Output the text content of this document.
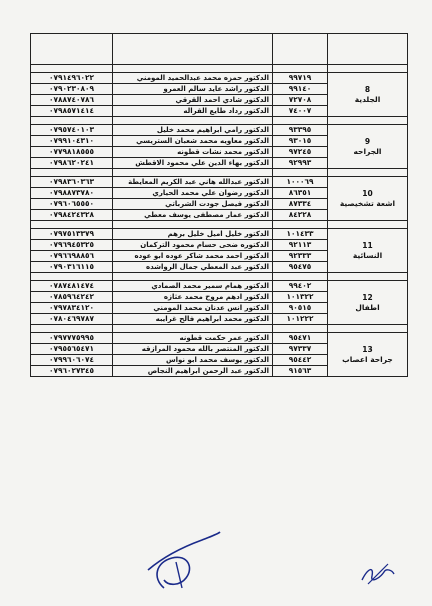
8
الجلدية	٩٩٧١٩	الدكتور حمزه محمد عبدالحميد المومني	٠٧٩١٤٩٦٠٢٢
	٩٩١٤٠	الدكتور راشد عايد سالم العمرو	٠٧٩٠٢٣٠٨٠٩
	٧٢٧٠٨	الدكتور شادي احمد القرقي	٠٧٨٨٧٤٠٧٨٦
	٧٤٠٠٧	الدكتور رداد طايع القراله	٠٧٩٨٥٧١٤١٤

9
الجراحه	٩٣٣٩٥	الدكتور رامي ابراهيم محمد خليل	٠٧٩٥٧٤٠١٠٣
	٩٣٠١٥	الدكتور معاويه محمد شعبان الستريسي	٠٧٩٩١٠٤٣١٠
	٩٧٢٤٥	الدكتور محمد نشات قطونه	٠٧٧٩٨١٨٥٥٥
	٩٢٩٩٣	الدكتور بهاء الدين علي محمود الاقطش	٠٧٩٨٦٢٠٢٤١

10
اشعة تشخيصية	١٠٠٠٦٩	الدكتور عبدالله هاني عبد الكريم المعايطة	٠٧٩٨٣٦٠٣٦٣
	٨٦٣٥١	الدكتور رضوان علي محمد الحياري	٠٧٩٨٨٧٣٧٨٠
	٨٧٣٣٤	الدكتور فيصل جودت الشرباتي	٠٧٩٦٠٦٥٥٥٠
	٨٤٢٢٨	الدكتور عمار مصطفى يوسف معطي	٠٧٩٨٤٢٤٣٢٨

11
النسائية	١٠١٤٣٣	الدكتور خليل اميل خليل برهم	٠٧٩٧٥١٣٣٧٩
	٩٢١١٣	الدكتوره ضحى حسام محمود التركمان	٠٧٩٦٩٤٥٣٢٥
	٩٢٣٣٣	الدكتور احمد محمد شاكر عوده ابو عوده	٠٧٩٦٦٩٨٨٥٦
	٩٥٤٧٥	الدكتور عبد المعطي جمال الرواشده	٠٧٩٠٣١٦١١٥

12
اطفال	٩٩٤٠٢	الدكتور همام سمير محمد الصمادي	٠٧٨٧٤٨١٤٧٤
	١٠١٣٢٢	الدكتور ادهم مروح محمد عثازه	٠٧٨٥٩٦٤٢٤٢
	٩٠٥١٥	الدكتور انس عدنان محمد المومني	٠٧٩٧٨٣٤١٢٠
	١٠١٢٢٢	الدكتور محمد ابراهيم فالح غرايبه	٠٧٨٠٤٦٩٧٨٧

13
جراحة اعصاب	٩٥٤٧١	الدكتور عمر حكمت قطونه	٠٧٩٧٧٧٥٩٩٥
	٩٧٣٣٧	الدكتور المنتصر بالله محمود المرازقه	٠٧٩٥٥٦٥٤٧١
	٩٥٤٤٢	الدكتور يوسف محمد ابو نواس	٠٧٩٩٦٠٦٠٧٤
	٩١٥٦٣	الدكتور عبد الرحمن ابراهيم النجاص	٠٧٩٦٠٢٧٣٤٥
